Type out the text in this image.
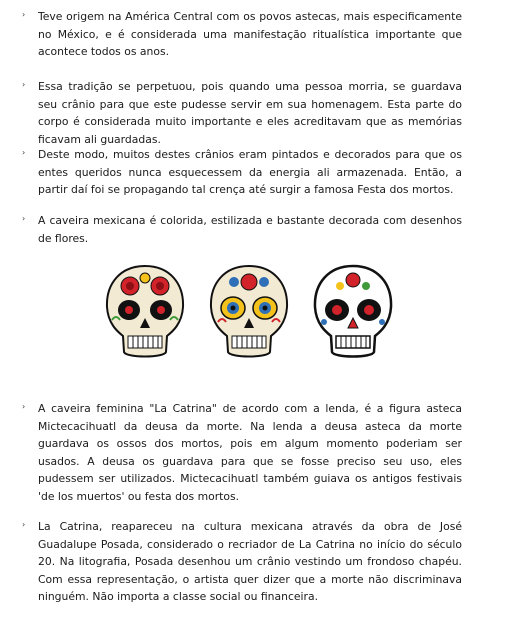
› Teve origem na América Central com os povos astecas, mais especificamente no México, e é considerada uma manifestação ritualística importante que acontece todos os anos.
› Essa tradição se perpetuou, pois quando uma pessoa morria, se guardava seu crânio para que este pudesse servir em sua homenagem. Esta parte do corpo é considerada muito importante e eles acreditavam que as memórias ficavam ali guardadas.
› Deste modo, muitos destes crânios eram pintados e decorados para que os entes queridos nunca esquecessem da energia ali armazenada. Então, a partir daí foi se propagando tal crença até surgir a famosa Festa dos mortos.
› A caveira mexicana é colorida, estilizada e bastante decorada com desenhos de flores.
› A caveira feminina "La Catrina" de acordo com a lenda, é a figura asteca Mictecacihuatl da deusa da morte. Na lenda a deusa asteca da morte guardava os ossos dos mortos, pois em algum momento poderiam ser usados. A deusa os guardava para que se fosse preciso seu uso, eles pudessem ser utilizados. Mictecacihuatl também guiava os antigos festivais 'de los muertos' ou festa dos mortos.
› La Catrina, reapareceu na cultura mexicana através da obra de José Guadalupe Posada, considerado o recriador de La Catrina no início do século 20. Na litografia, Posada desenhou um crânio vestindo um frondoso chapéu. Com essa representação, o artista quer dizer que a morte não discriminava ninguém. Não importa a classe social ou financeira.
